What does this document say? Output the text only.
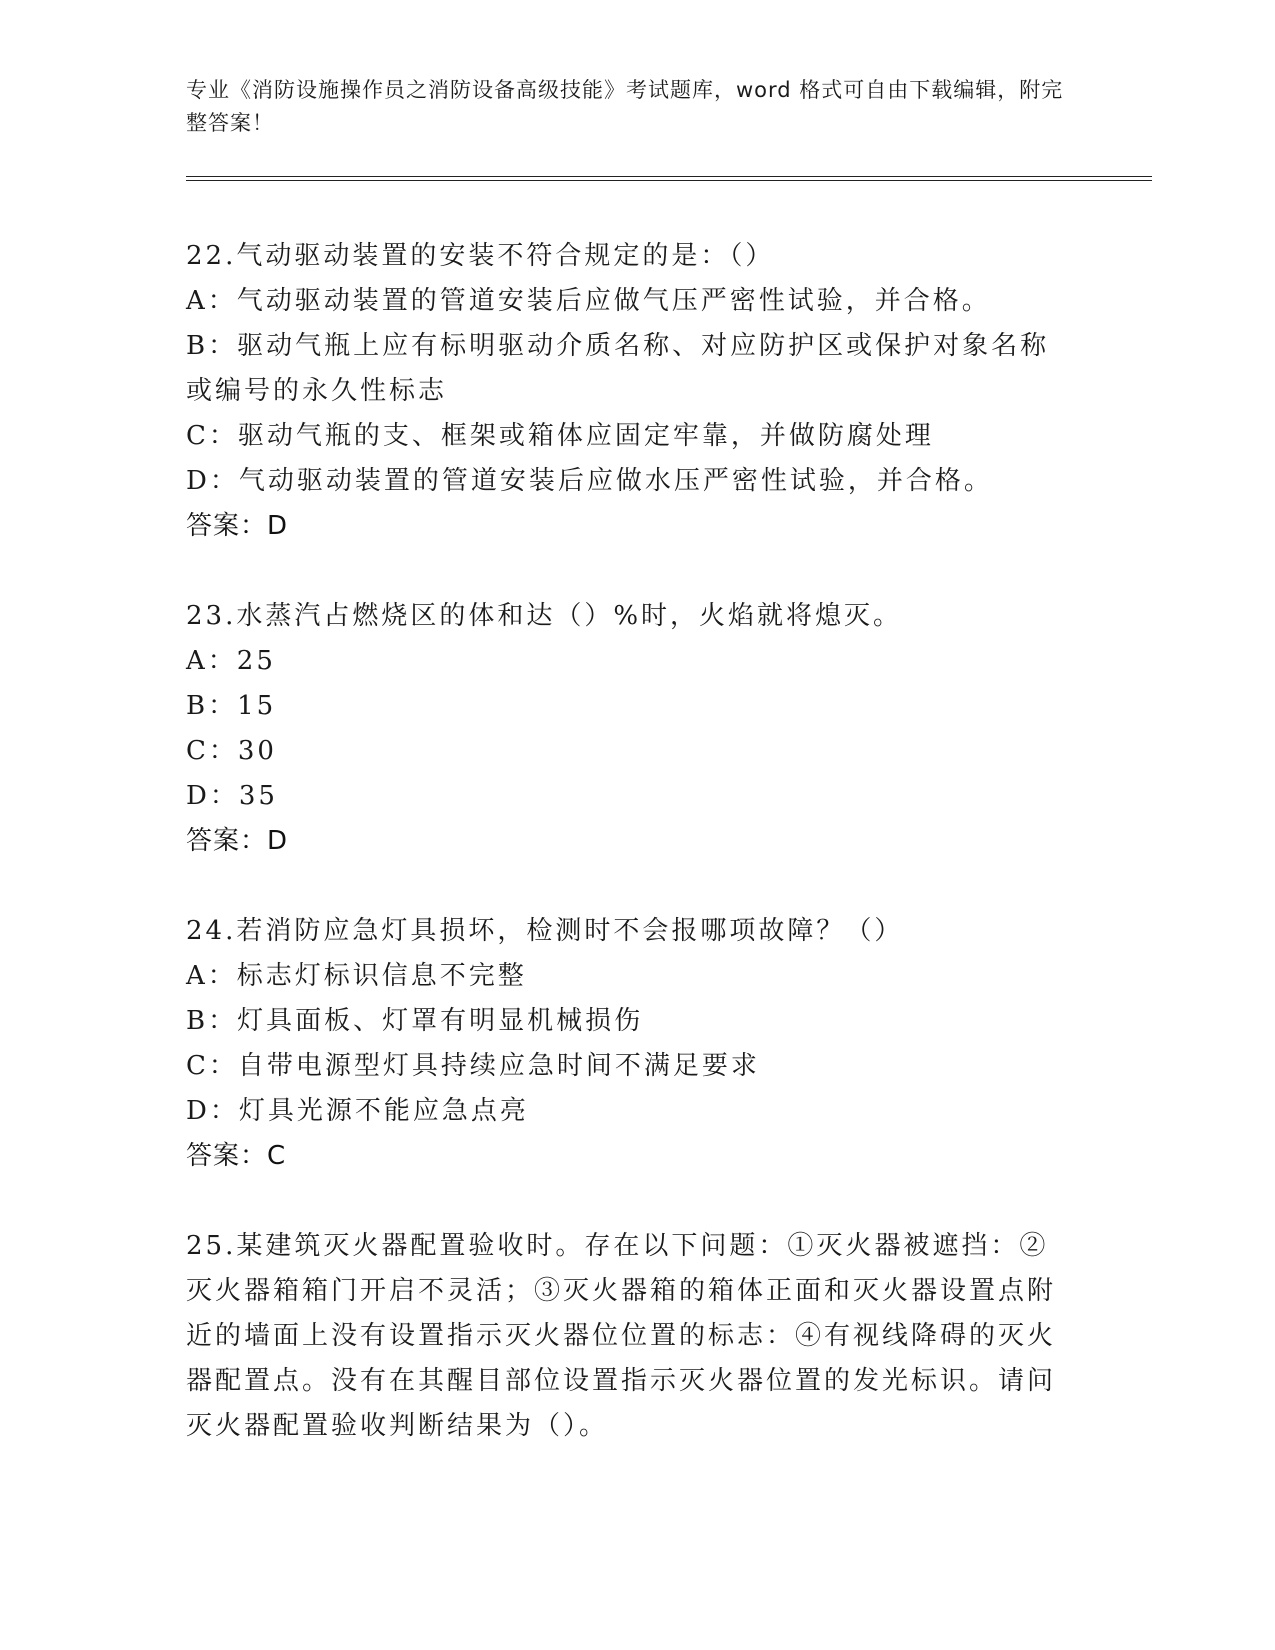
专业《消防设施操作员之消防设备高级技能》考试题库，word 格式可自由下载编辑，附完整答案！
22.气动驱动装置的安装不符合规定的是：（）
A：气动驱动装置的管道安装后应做气压严密性试验，并合格。
B：驱动气瓶上应有标明驱动介质名称、对应防护区或保护对象名称或编号的永久性标志
C：驱动气瓶的支、框架或箱体应固定牢靠，并做防腐处理
D：气动驱动装置的管道安装后应做水压严密性试验，并合格。
答案：D
23.水蒸汽占燃烧区的体和达（）%时，火焰就将熄灭。
A：25
B：15
C：30
D：35
答案：D
24.若消防应急灯具损坏，检测时不会报哪项故障？（）
A：标志灯标识信息不完整
B：灯具面板、灯罩有明显机械损伤
C：自带电源型灯具持续应急时间不满足要求
D：灯具光源不能应急点亮
答案：C
25.某建筑灭火器配置验收时。存在以下问题：①灭火器被遮挡：②灭火器箱箱门开启不灵活；③灭火器箱的箱体正面和灭火器设置点附近的墙面上没有设置指示灭火器位位置的标志：④有视线降碍的灭火器配置点。没有在其醒目部位设置指示灭火器位置的发光标识。请问灭火器配置验收判断结果为（）。
